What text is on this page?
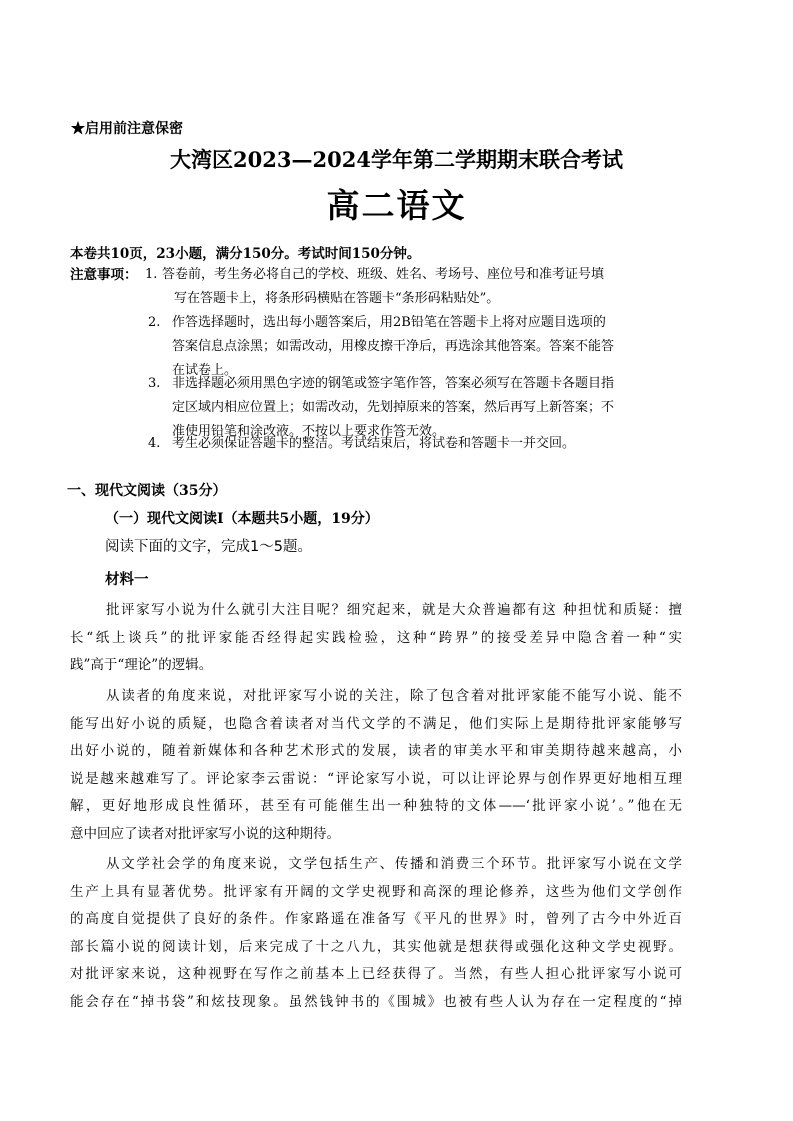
★启用前注意保密
大湾区2023—2024学年第二学期期末联合考试
高二语文
本卷共10页，23小题，满分150分。考试时间150分钟。
注意事项： 1. 答卷前，考生务必将自己的学校、班级、姓名、考场号、座位号和准考证号填
写在答题卡上，将条形码横贴在答题卡“条形码粘贴处”。
2. 作答选择题时，选出每小题答案后，用2B铅笔在答题卡上将对应题目选项的
答案信息点涂黑；如需改动，用橡皮擦干净后，再选涂其他答案。答案不能答
在试卷上。
3. 非选择题必须用黑色字迹的钢笔或签字笔作答，答案必须写在答题卡各题目指
定区域内相应位置上；如需改动，先划掉原来的答案，然后再写上新答案；不
准使用铅笔和涂改液。不按以上要求作答无效。
4. 考生必须保证答题卡的整洁。考试结束后，将试卷和答题卡一并交回。
一、现代文阅读（35分）
（一）现代文阅读Ⅰ（本题共5小题，19分）
阅读下面的文字，完成1～5题。
材料一
批评家写小说为什么就引大注目呢？细究起来，就是大众普遍都有这 种担忧和质疑：擅
长“纸上谈兵”的批评家能否经得起实践检验，这种“跨界”的接受差异中隐含着一种“实
践”高于“理论”的逻辑。
从读者的角度来说，对批评家写小说的关注，除了包含着对批评家能不能写小说、能不
能写出好小说的质疑，也隐含着读者对当代文学的不满足，他们实际上是期待批评家能够写
出好小说的，随着新媒体和各种艺术形式的发展，读者的审美水平和审美期待越来越高，小
说是越来越难写了。评论家李云雷说：“评论家写小说，可以让评论界与创作界更好地相互理
解，更好地形成良性循环，甚至有可能催生出一种独特的文体——‘批评家小说’。”他在无
意中回应了读者对批评家写小说的这种期待。
从文学社会学的角度来说，文学包括生产、传播和消费三个环节。批评家写小说在文学
生产上具有显著优势。批评家有开阔的文学史视野和高深的理论修养，这些为他们文学创作
的高度自觉提供了良好的条件。作家路遥在准备写《平凡的世界》时，曾列了古今中外近百
部长篇小说的阅读计划，后来完成了十之八九，其实他就是想获得或强化这种文学史视野。
对批评家来说，这种视野在写作之前基本上已经获得了。当然，有些人担心批评家写小说可
能会存在“掉书袋”和炫技现象。虽然钱钟书的《围城》也被有些人认为存在一定程度的“掉
